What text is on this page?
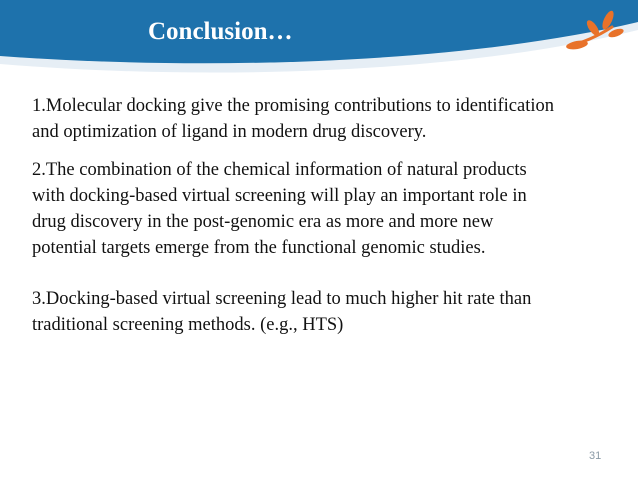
Conclusion…

1.Molecular docking give the promising contributions to identification
and optimization of ligand in modern drug discovery.

2.The combination of the chemical information of natural products
with docking-based virtual screening will play an important role in
drug discovery in the post-genomic era as more and more new
potential targets emerge from the functional genomic studies.

3.Docking-based virtual screening lead to much higher hit rate than
traditional screening methods. (e.g., HTS)

31
